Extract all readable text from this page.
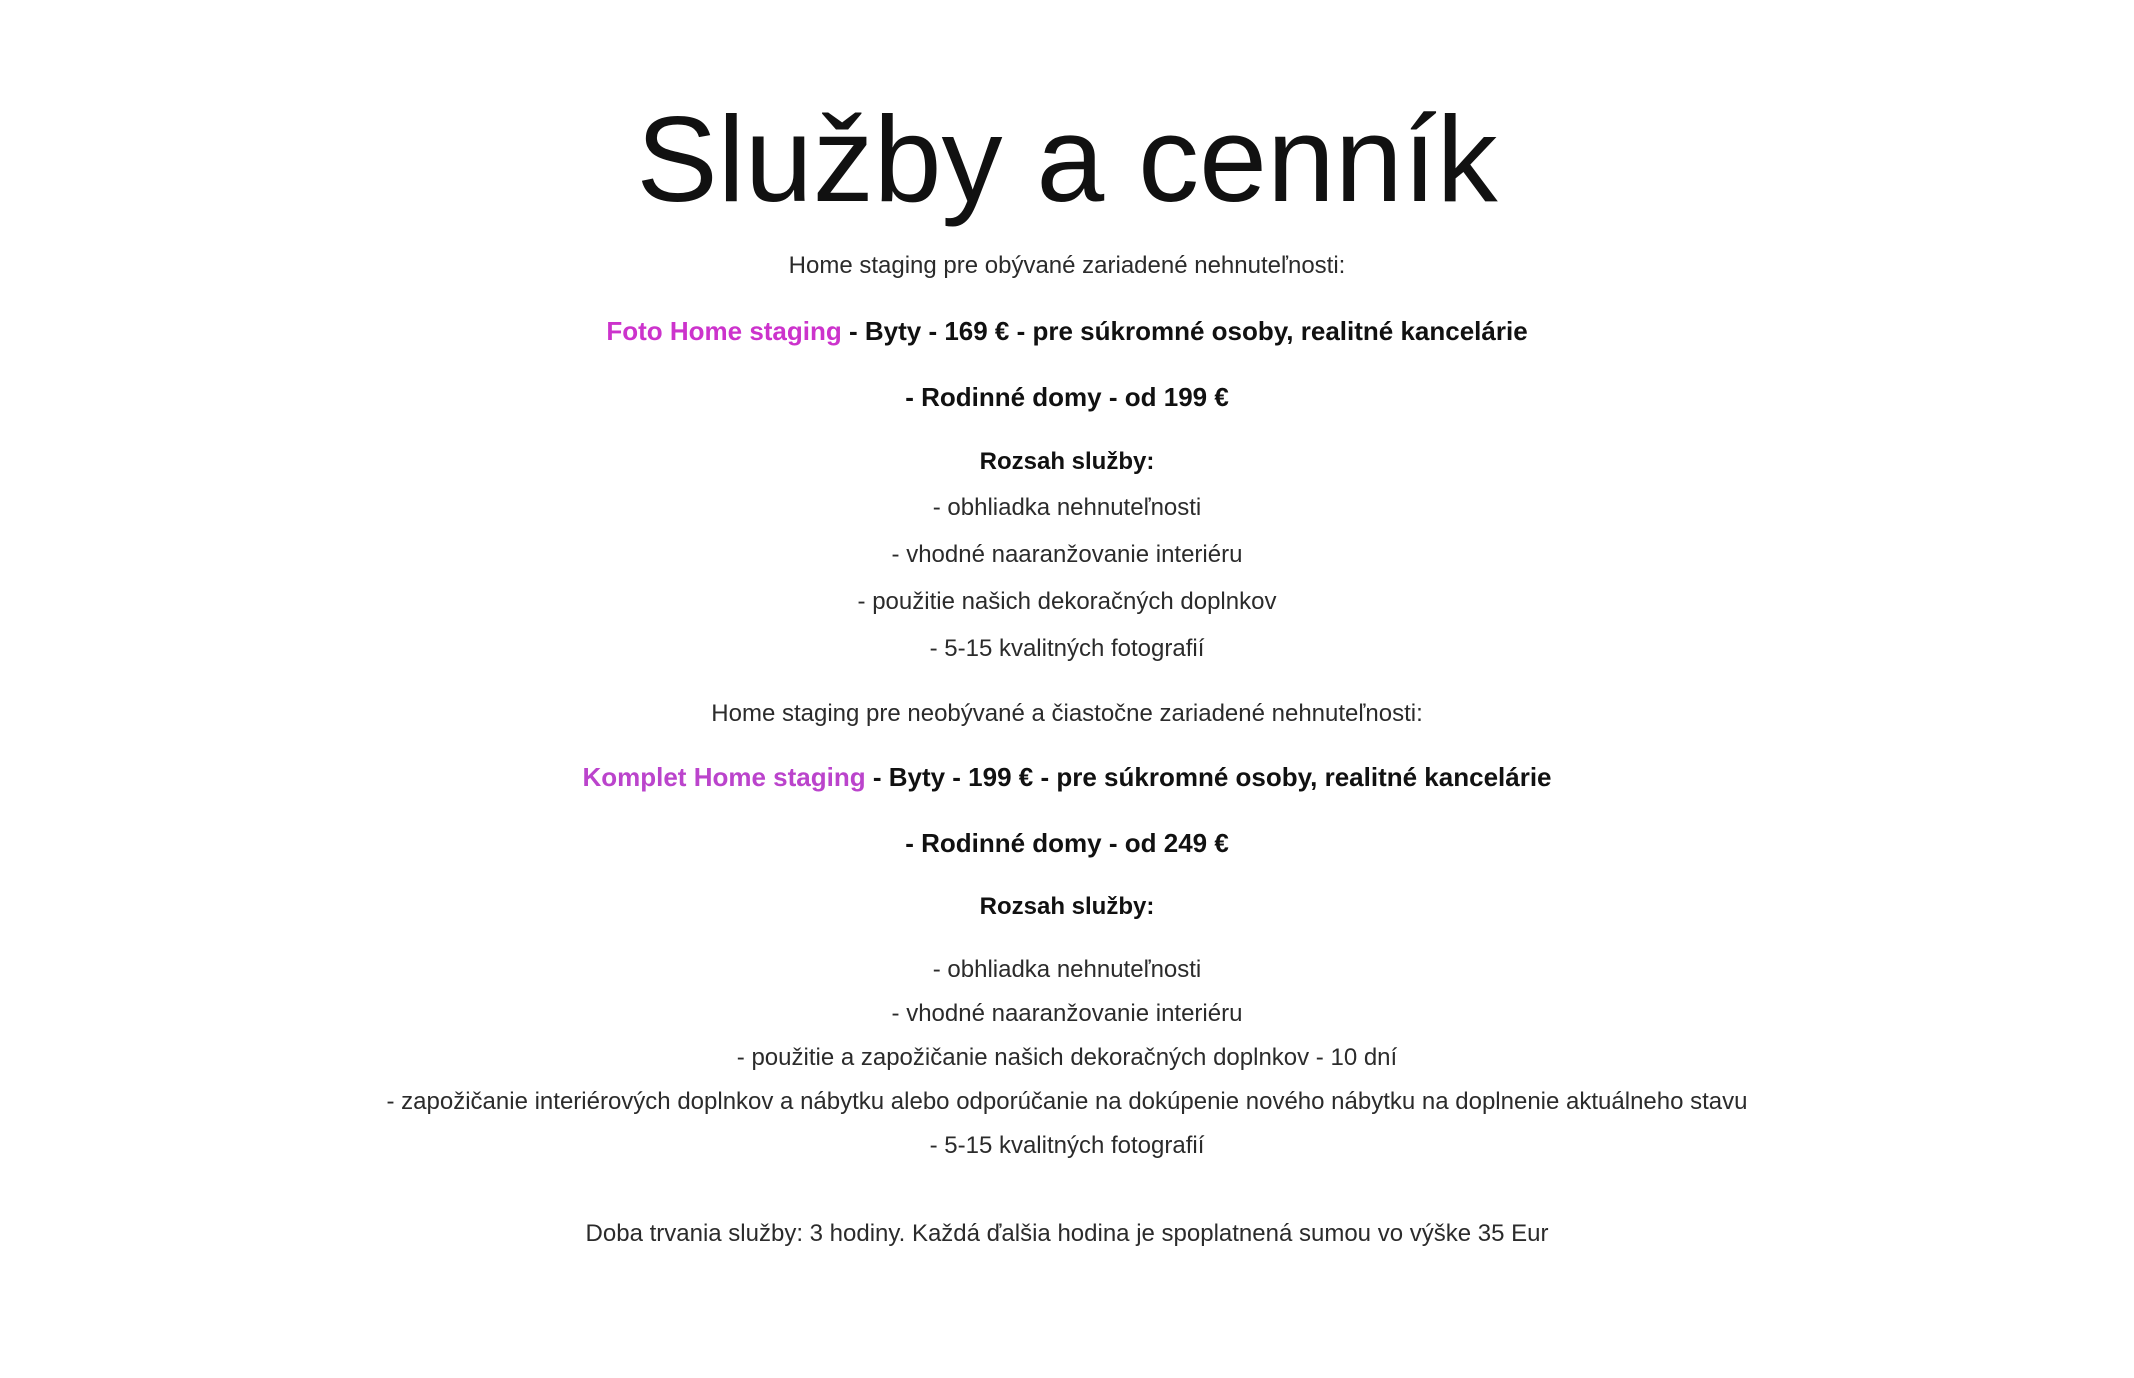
Služby a cenník
Home staging pre obývané zariadené nehnuteľnosti:
Foto Home staging - Byty - 169 € - pre súkromné osoby, realitné kancelárie
- Rodinné domy - od 199 €
Rozsah služby:
- obhliadka nehnuteľnosti
- vhodné naaranžovanie interiéru
- použitie našich dekoračných doplnkov
- 5-15 kvalitných fotografií
Home staging pre neobývané a čiastočne zariadené nehnuteľnosti:
Komplet Home staging - Byty - 199 € - pre súkromné osoby, realitné kancelárie
- Rodinné domy - od 249 €
Rozsah služby:
- obhliadka nehnuteľnosti
- vhodné naaranžovanie interiéru
- použitie a zapožičanie našich dekoračných doplnkov - 10 dní
- zapožičanie interiérových doplnkov a nábytku alebo odporúčanie na dokúpenie nového nábytku na doplnenie aktuálneho stavu
- 5-15 kvalitných fotografií
Doba trvania služby: 3 hodiny. Každá ďalšia hodina je spoplatnená sumou vo výške 35 Eur
